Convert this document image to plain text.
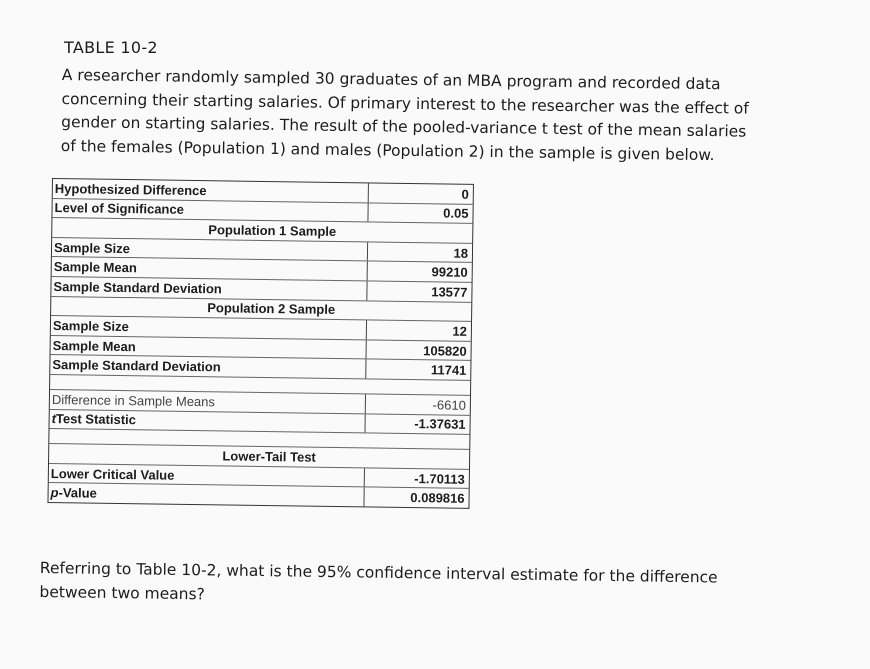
TABLE 10-2
A researcher randomly sampled 30 graduates of an MBA program and recorded data
concerning their starting salaries. Of primary interest to the researcher was the effect of
gender on starting salaries. The result of the pooled-variance t test of the mean salaries
of the females (Population 1) and males (Population 2) in the sample is given below.
Hypothesized Difference	0
Level of Significance	0.05
Population 1 Sample
Sample Size	18
Sample Mean	99210
Sample Standard Deviation	13577
Population 2 Sample
Sample Size	12
Sample Mean	105820
Sample Standard Deviation	11741
Difference in Sample Means	-6610
t Test Statistic	-1.37631
Lower-Tail Test
Lower Critical Value	-1.70113
p -Value	0.089816
Referring to Table 10-2, what is the 95% confidence interval estimate for the difference
between two means?
